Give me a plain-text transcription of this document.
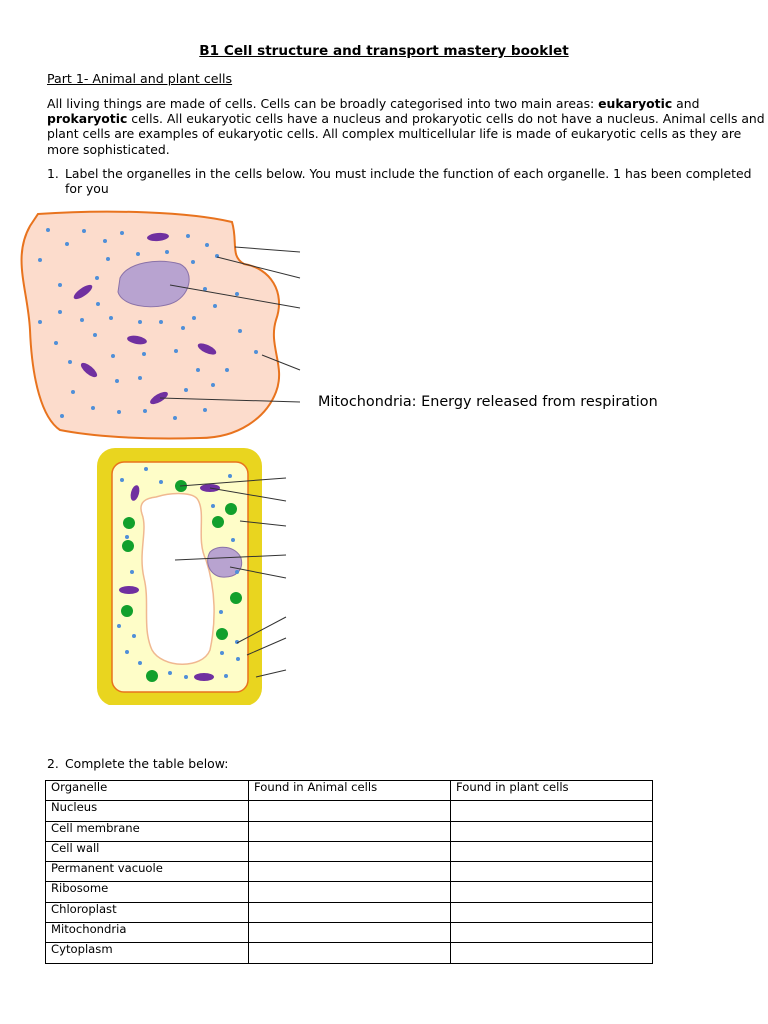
B1 Cell structure and transport mastery booklet
Part 1- Animal and plant cells
All living things are made of cells. Cells can be broadly categorised into two main areas: eukaryotic and
prokaryotic cells. All eukaryotic cells have a nucleus and prokaryotic cells do not have a nucleus. Animal cells and
plant cells are examples of eukaryotic cells. All complex multicellular life is made of eukaryotic cells as they are
more sophisticated.
1. Label the organelles in the cells below. You must include the function of each organelle. 1 has been completed
for you
Mitochondria: Energy released from respiration
2. Complete the table below:
Organelle	Found in Animal cells	Found in plant cells
Nucleus		
Cell membrane		
Cell wall		
Permanent vacuole		
Ribosome		
Chloroplast		
Mitochondria		
Cytoplasm		
